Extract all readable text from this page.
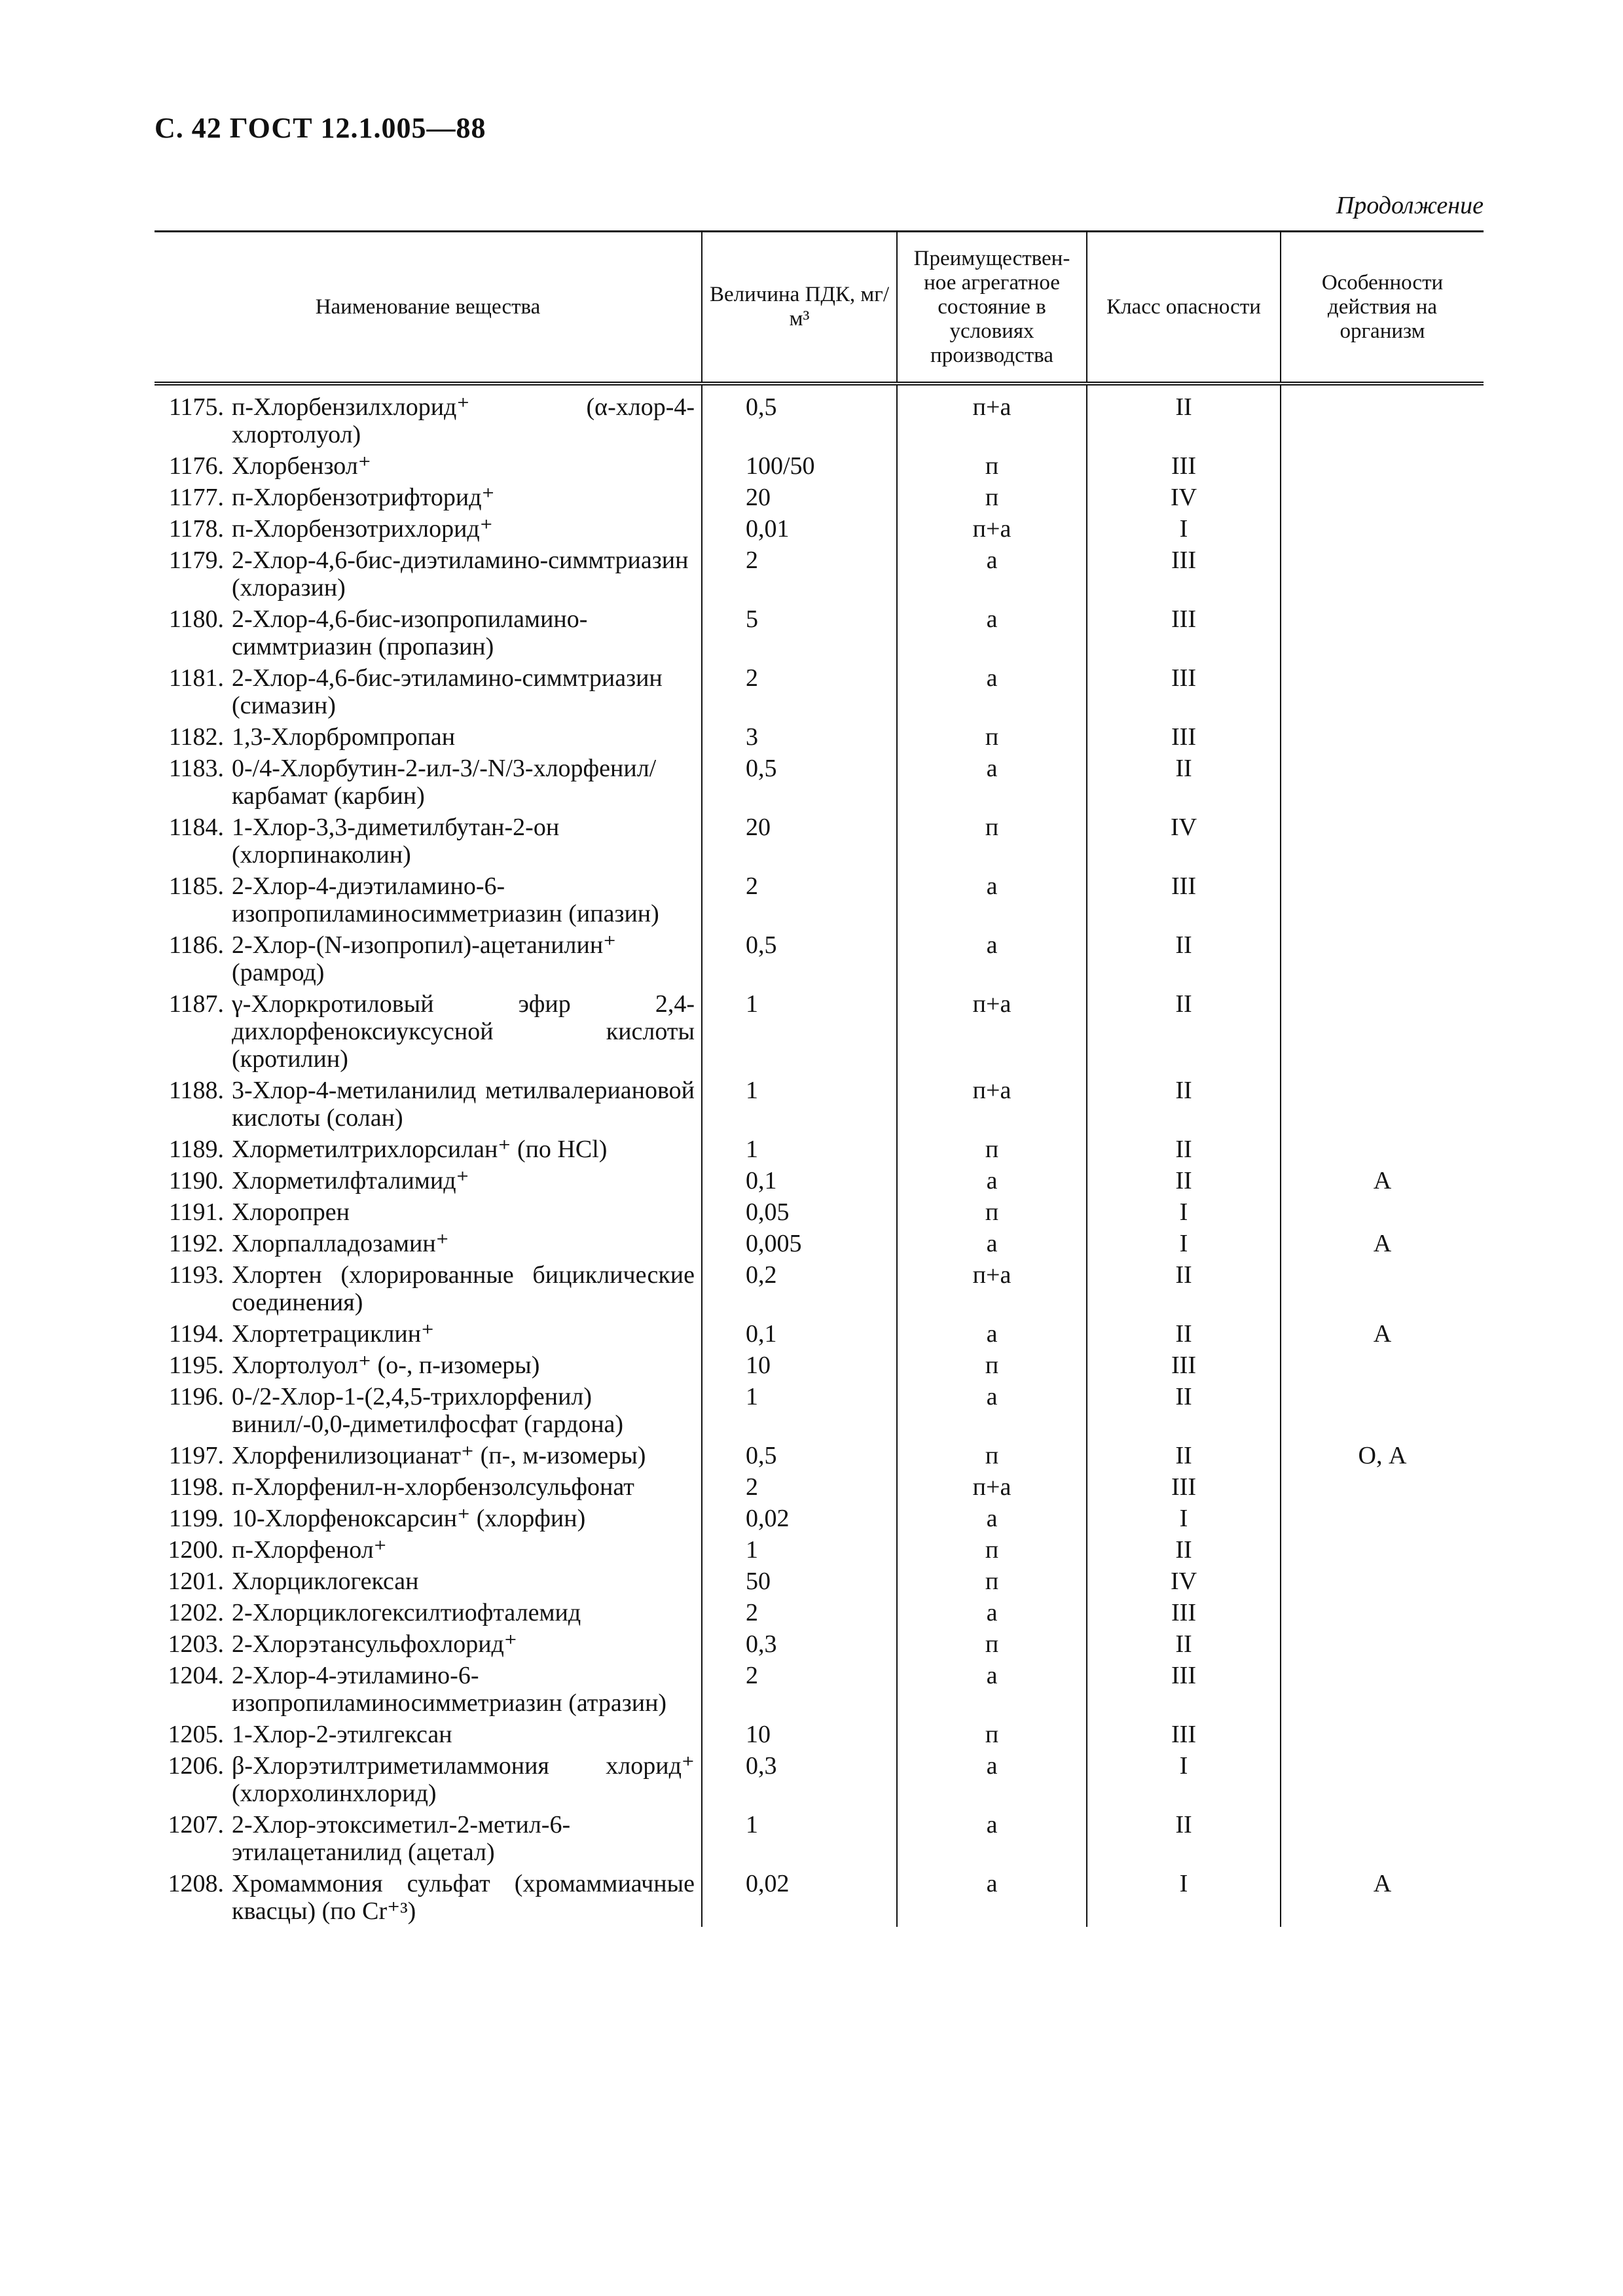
С. 42 ГОСТ 12.1.005—88
Продолжение
Наименование вещества	Величина ПДК, мг/м³	Преимуществен-ное агрегатное состояние в условиях производства	Класс опасности	Особенности действия на организм

1175. п-Хлорбензилхлорид⁺ (α-хлор-4-хлортолуол)	0,5	п+а	II	

1176. Хлорбензол⁺	100/50	п	III	

1177. п-Хлорбензотрифторид⁺	20	п	IV	

1178. п-Хлорбензотрихлорид⁺	0,01	п+а	I	

1179. 2-Хлор-4,6-бис-диэтиламино-симмтриазин (хлоразин)	2	а	III	

1180. 2-Хлор-4,6-бис-изопропиламино-симмтриазин (пропазин)	5	а	III	

1181. 2-Хлор-4,6-бис-этиламино-симмтриазин (симазин)	2	а	III	

1182. 1,3-Хлорбромпропан	3	п	III	

1183. 0-/4-Хлорбутин-2-ил-3/-N/3-хлорфенил/карбамат (карбин)	0,5	а	II	

1184. 1-Хлор-3,3-диметилбутан-2-он (хлорпинаколин)	20	п	IV	

1185. 2-Хлор-4-диэтиламино-6-изопропиламиносимметриазин (ипазин)	2	а	III	

1186. 2-Хлор-(N-изопропил)-ацетанилин⁺ (рамрод)	0,5	а	II	

1187. γ-Хлоркротиловый эфир 2,4-дихлорфеноксиуксусной кислоты (кротилин)	1	п+а	II	

1188. 3-Хлор-4-метиланилид метилвалериановой кислоты (солан)	1	п+а	II	

1189. Хлорметилтрихлорсилан⁺ (по HCl)	1	п	II	

1190. Хлорметилфталимид⁺	0,1	а	II	А

1191. Хлоропрен	0,05	п	I	

1192. Хлорпалладозамин⁺	0,005	а	I	А

1193. Хлортен (хлорированные бициклические соединения)	0,2	п+а	II	

1194. Хлортетрациклин⁺	0,1	а	II	А

1195. Хлортолуол⁺ (о-, п-изомеры)	10	п	III	

1196. 0-/2-Хлор-1-(2,4,5-трихлорфенил) винил/-0,0-диметилфосфат (гардона)	1	а	II	

1197. Хлорфенилизоцианат⁺ (п-, м-изомеры)	0,5	п	II	О, А

1198. п-Хлорфенил-н-хлорбензолсульфонат	2	п+а	III	

1199. 10-Хлорфеноксарсин⁺ (хлорфин)	0,02	а	I	

1200. п-Хлорфенол⁺	1	п	II	

1201. Хлорциклогексан	50	п	IV	

1202. 2-Хлорциклогексилтиофталемид	2	а	III	

1203. 2-Хлорэтансульфохлорид⁺	0,3	п	II	

1204. 2-Хлор-4-этиламино-6-изопропиламиносимметриазин (атразин)	2	а	III	

1205. 1-Хлор-2-этилгексан	10	п	III	

1206. β-Хлорэтилтриметиламмония хлорид⁺ (хлорхолинхлорид)	0,3	а	I	

1207. 2-Хлор-этоксиметил-2-метил-6-этилацетанилид (ацетал)	1	а	II	

1208. Хромаммония сульфат (хромаммиачные квасцы) (по Cr⁺³)	0,02	а	I	А
